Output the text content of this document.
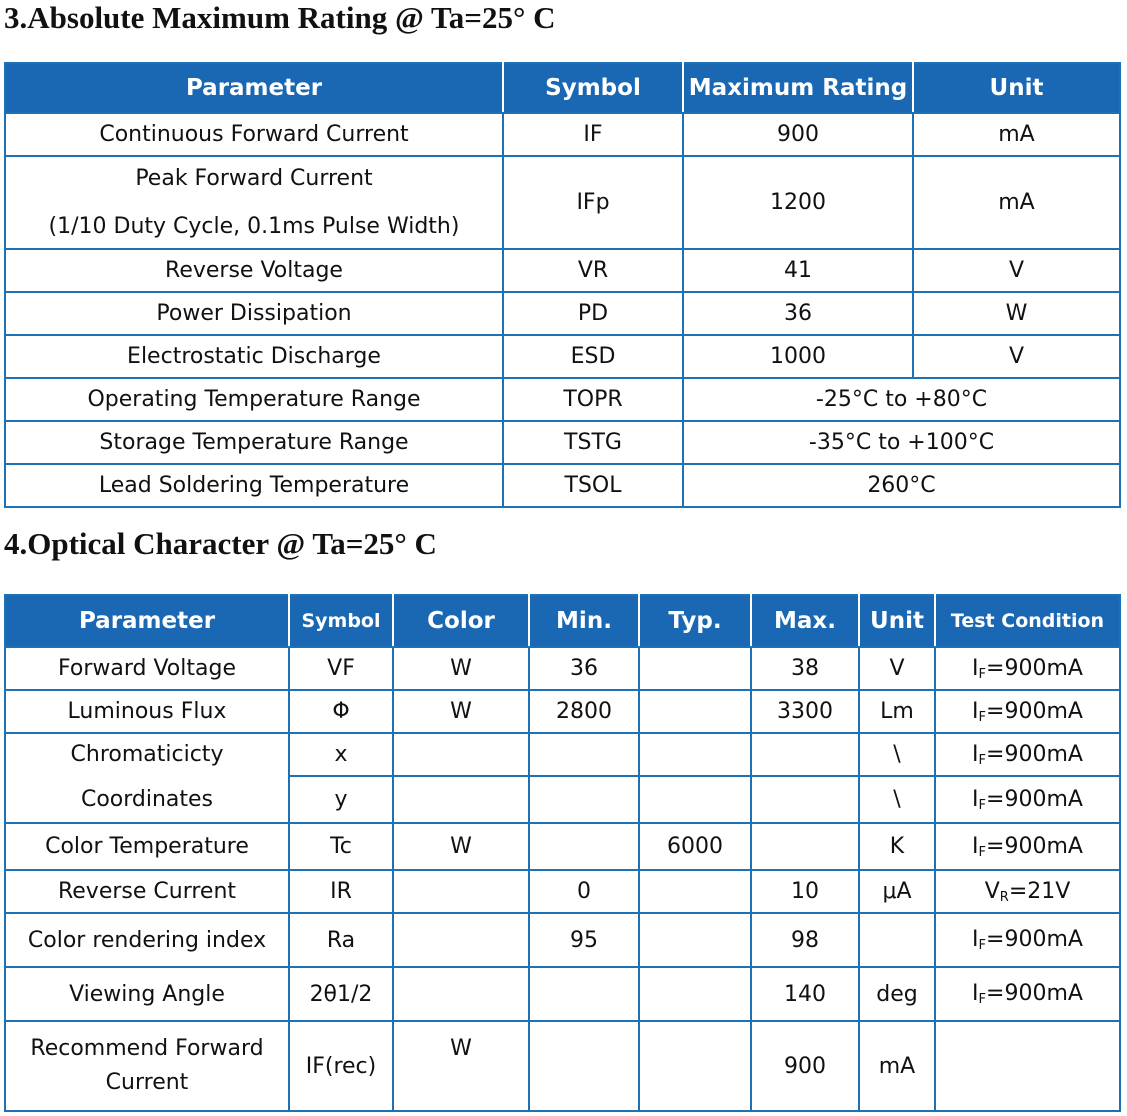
3.Absolute Maximum Rating @ Ta=25° C
Parameter	Symbol	Maximum Rating	Unit
Continuous Forward Current	IF	900	mA

Peak Forward Current
(1/10 Duty Cycle, 0.1ms Pulse Width)	IFp	1200	mA
Reverse Voltage	VR	41	V
Power Dissipation	PD	36	W
Electrostatic Discharge	ESD	1000	V
Operating Temperature Range	TOPR	-25°C to +80°C	
Storage Temperature Range	TSTG	-35°C to +100°C	
Lead Soldering Temperature	TSOL	260°C	
4.Optical Character @ Ta=25° C
Parameter	Symbol	Color	Min.	Typ.	Max.	Unit	Test Condition
Forward Voltage	VF	W	36		38	V	$I_F=900mA$
Luminous Flux	Φ	W	2800		3300	Lm	$I_F=900mA$
Chromaticicty	x					\	$I_F=900mA$
Coordinates	y					\	$I_F=900mA$
Color Temperature	Tc	W		6000		K	$I_F=900mA$
Reverse Current	IR		0		10	μA	$V_R=21V$
Color rendering index	Ra		95		98		$I_F=900mA$
Viewing Angle	2θ1/2				140	deg	$I_F=900mA$

Recommend Forward
Current	IF(rec)	W			900	mA	
